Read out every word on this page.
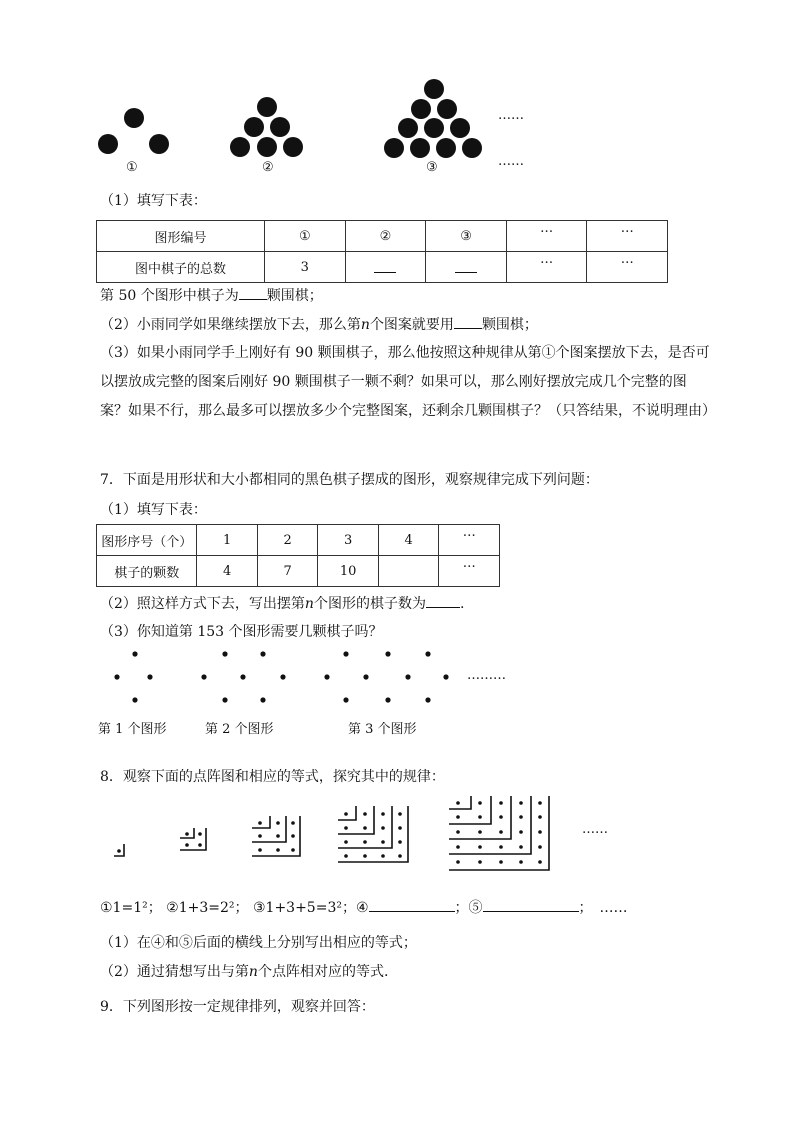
①	②	③
……
……
（1）填写下表：
图形编号	①	②	③	…	…
图中棋子的总数	3			…	…
第 50 个图形中棋子为 颗围棋；
（2）小雨同学如果继续摆放下去，那么第n个图案就要用 颗围棋；
（3）如果小雨同学手上刚好有 90 颗围棋子，那么他按照这种规律从第①个图案摆放下去，是否可以摆放成完整的图案后刚好 90 颗围棋子一颗不剩？如果可以，那么刚好摆放完成几个完整的图案？如果不行，那么最多可以摆放多少个完整图案，还剩余几颗围棋子？（只答结果，不说明理由）
7．下面是用形状和大小都相同的黑色棋子摆成的图形，观察规律完成下列问题：
（1）填写下表：
图形序号（个）	1	2	3	4	…
棋子的颗数	4	7	10		…
（2）照这样方式下去，写出摆第n个图形的棋子数为 .
（3）你知道第 153 个图形需要几颗棋子吗？
………
第 1 个图形	第 2 个图形	第 3 个图形
8．观察下面的点阵图和相应的等式，探究其中的规律：
……
①1=1²； ②1+3=2²； ③1+3+5=3²；④	；⑤	；　……
（1）在④和⑤后面的横线上分别写出相应的等式；
（2）通过猜想写出与第n个点阵相对应的等式.
9．下列图形按一定规律排列，观察并回答：
